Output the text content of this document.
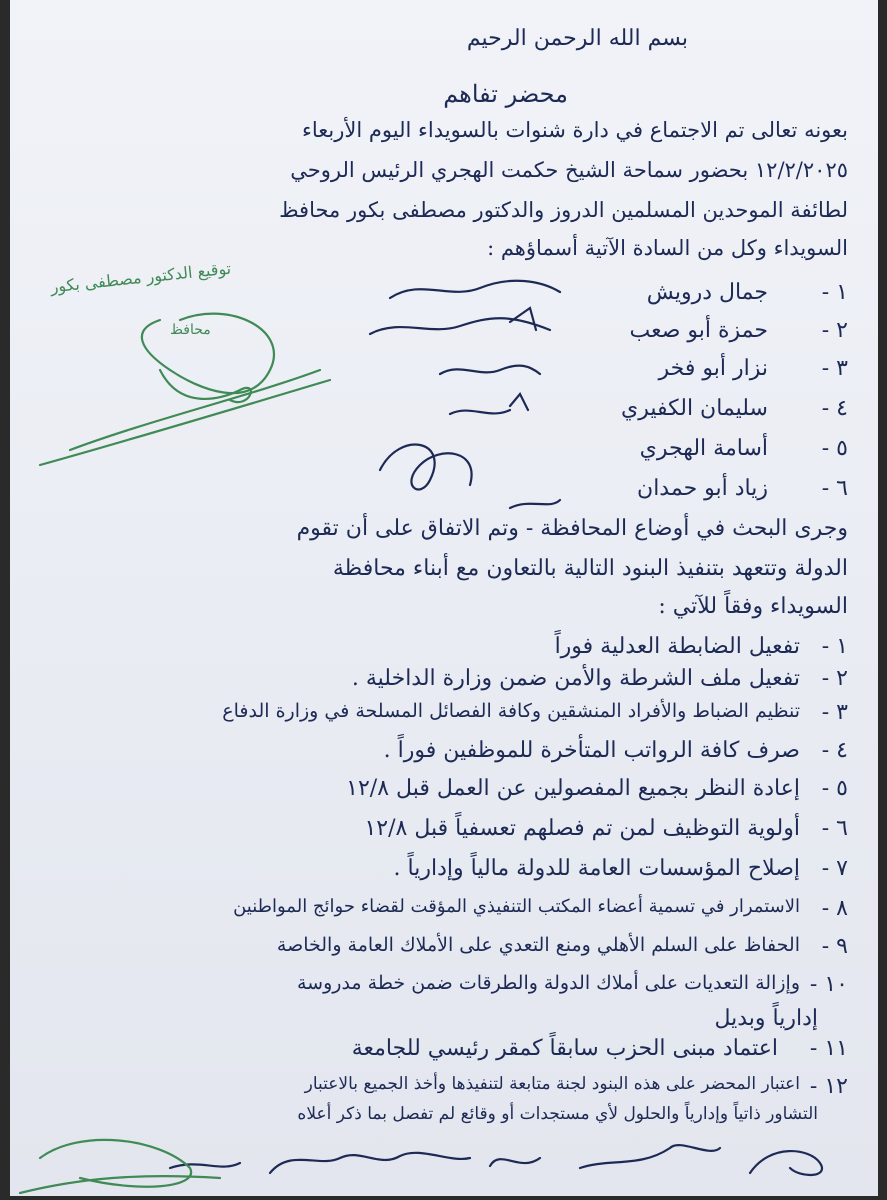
بسم الله الرحمن الرحيم
محضر تفاهم
بعونه تعالى تم الاجتماع في دارة شنوات بالسويداء اليوم الأربعاء
١٢/٢/٢٠٢٥ بحضور سماحة الشيخ حكمت الهجري الرئيس الروحي
لطائفة الموحدين المسلمين الدروز والدكتور مصطفى بكور محافظ
السويداء وكل من السادة الآتية أسماؤهم :
١ -
جمال درويش
٢ -
حمزة أبو صعب
٣ -
نزار أبو فخر
٤ -
سليمان الكفيري
٥ -
أسامة الهجري
٦ -
زياد أبو حمدان
توقيع الدكتور مصطفى بكور
محافظ
وجرى البحث في أوضاع المحافظة - وتم الاتفاق على أن تقوم
الدولة وتتعهد بتنفيذ البنود التالية بالتعاون مع أبناء محافظة
السويداء وفقاً للآتي :
١ -
تفعيل الضابطة العدلية فوراً
٢ -
تفعيل ملف الشرطة والأمن ضمن وزارة الداخلية .
٣ -
تنظيم الضباط والأفراد المنشقين وكافة الفصائل المسلحة في وزارة الدفاع
٤ -
صرف كافة الرواتب المتأخرة للموظفين فوراً .
٥ -
إعادة النظر بجميع المفصولين عن العمل قبل ١٢/٨
٦ -
أولوية التوظيف لمن تم فصلهم تعسفياً قبل ١٢/٨
٧ -
إصلاح المؤسسات العامة للدولة مالياً وإدارياً .
٨ -
الاستمرار في تسمية أعضاء المكتب التنفيذي المؤقت لقضاء حوائج المواطنين
٩ -
الحفاظ على السلم الأهلي ومنع التعدي على الأملاك العامة والخاصة
١٠ -
وإزالة التعديات على أملاك الدولة والطرقات ضمن خطة مدروسة
إدارياً وبديل
١١ -
اعتماد مبنى الحزب سابقاً كمقر رئيسي للجامعة
١٢ -
اعتبار المحضر على هذه البنود لجنة متابعة لتنفيذها وأخذ الجميع بالاعتبار
التشاور ذاتياً وإدارياً والحلول لأي مستجدات أو وقائع لم تفصل بما ذكر أعلاه
